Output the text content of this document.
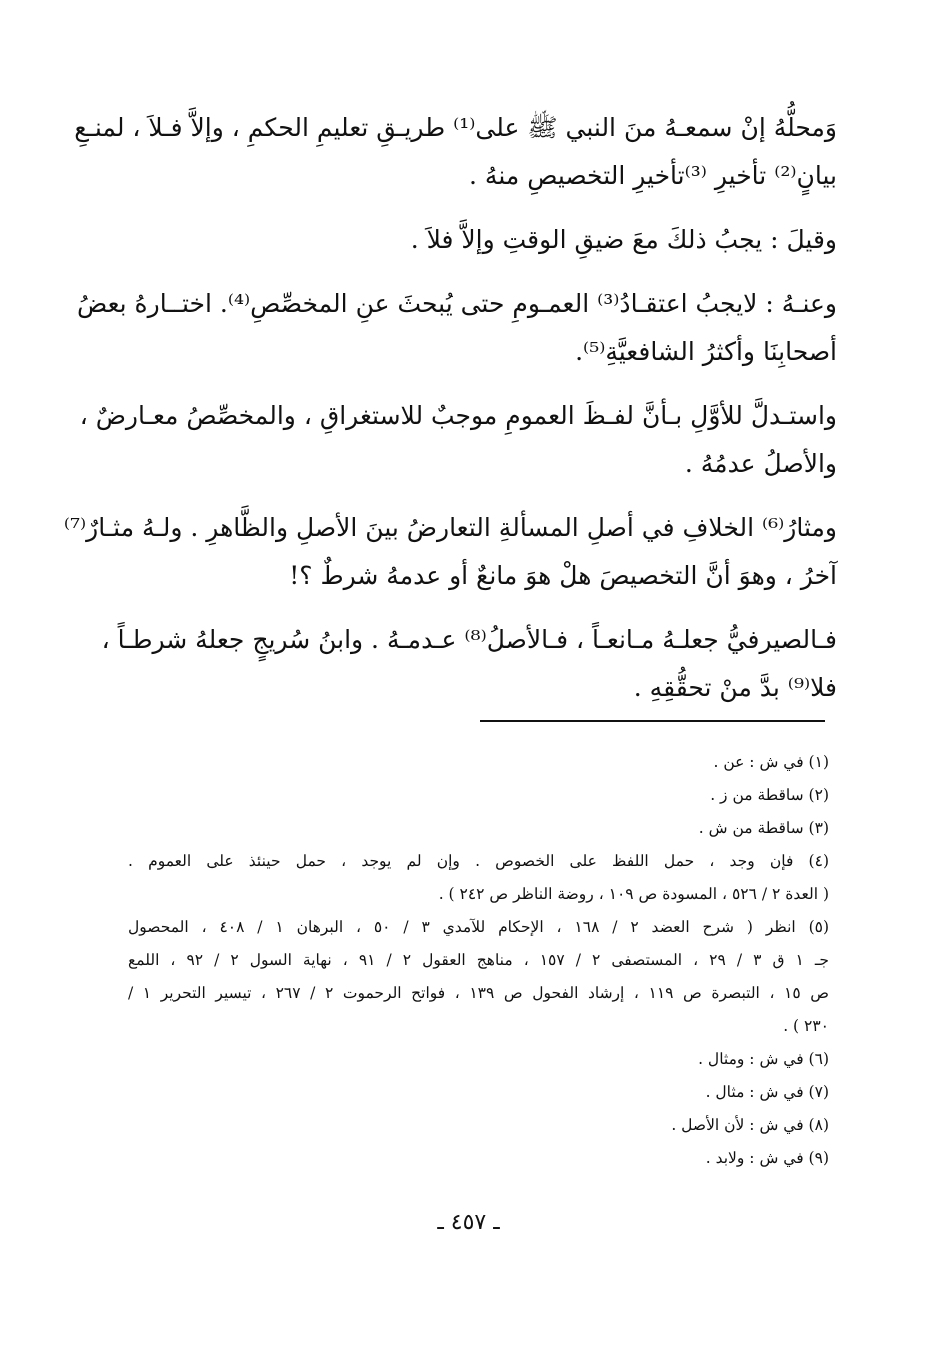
وَمحلُّهُ إنْ سمعـهُ منَ النبي ﷺ على⁽¹⁾ طريـقِ تعليمِ الحكمِ ، وإلاَّ فـلاَ ، لمنـعِ
بيانٍ⁽²⁾ تأخيرِ ⁽³⁾تأخيرِ التخصيصِ منهُ .

وقيلَ : يجبُ ذلكَ معَ ضيقِ الوقتِ وإلاَّ فلاَ .

وعنـهُ : لايجبُ اعتقـادُ⁽³⁾ العمـومِ حتى يُبحثَ عنِ المخصِّصِ⁽⁴⁾. اختــارهُ بعضُ
أصحابِنَا وأكثرُ الشافعيَّةِ⁽⁵⁾.

واستـدلَّ للأوَّلِ بـأنَّ لفـظَ العمومِ موجبٌ للاستغراقِ ، والمخصِّصُ معـارضٌ ،
والأصلُ عدمُهُ .

ومثارُ⁽⁶⁾ الخلافِ في أصلِ المسألةِ التعارضُ بينَ الأصلِ والظَّاهرِ . ولـهُ مثـارٌ⁽⁷⁾
آخرُ ، وهوَ أنَّ التخصيصَ هلْ هوَ مانعٌ أو عدمهُ شرطٌ ؟!

فـالصيرفيُّ جعلـهُ مـانعـاً ، فـالأصلُ⁽⁸⁾ عـدمـهُ . وابنُ سُريجٍ جعلهُ شرطـاً ،
فلا⁽⁹⁾ بدَّ منْ تحقُّقِهِ .

(١) في ش : عن .

(٢) ساقطة من ز .

(٣) ساقطة من ش .

(٤) فإن وجد ، حمل اللفظ على الخصوص . وإن لم يوجد ، حمل حينئذ على العموم .
( العدة ٢ / ٥٢٦ ، المسودة ص ١٠٩ ، روضة الناظر ص ٢٤٢ ) .

(٥) انظر ( شرح العضد ٢ / ١٦٨ ، الإحكام للآمدي ٣ / ٥٠ ، البرهان ١ / ٤٠٨ ، المحصول
جـ ١ ق ٣ / ٢٩ ، المستصفى ٢ / ١٥٧ ، مناهج العقول ٢ / ٩١ ، نهاية السول ٢ / ٩٢ ، اللمع
ص ١٥ ، التبصرة ص ١١٩ ، إرشاد الفحول ص ١٣٩ ، فواتح الرحموت ٢ / ٢٦٧ ، تيسير التحرير ١ /
٢٣٠ ) .

(٦) في ش : ومثال .

(٧) في ش : مثال .

(٨) في ش : لأن الأصل .

(٩) في ش : ولابد .

ـ ٤٥٧ ـ
